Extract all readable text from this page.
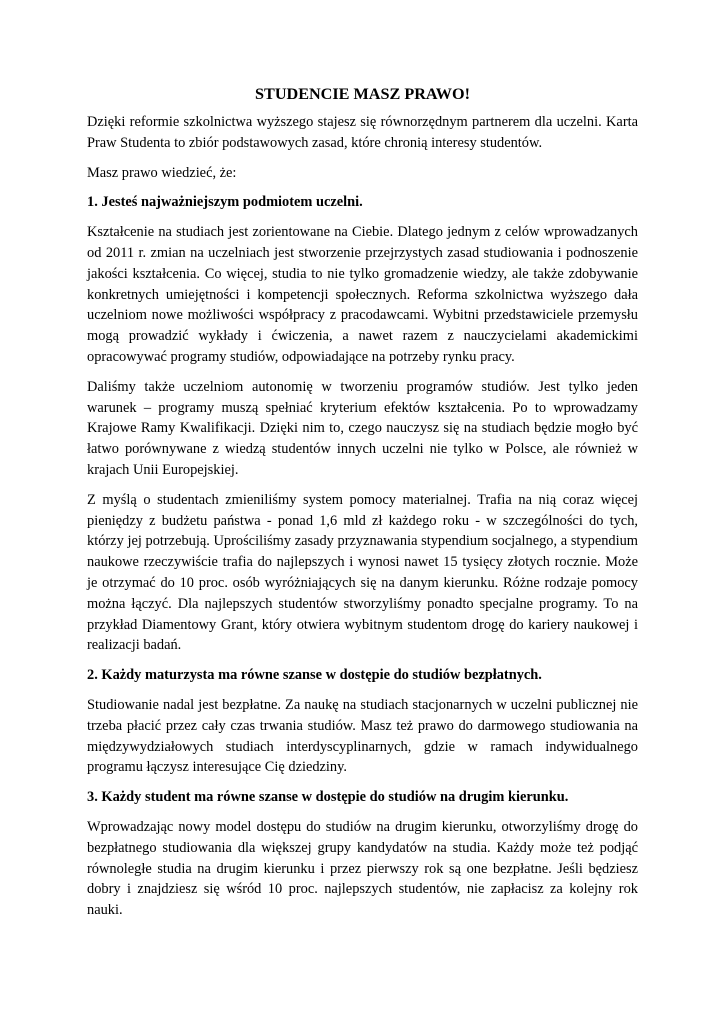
STUDENCIE MASZ PRAWO!

Dzięki reformie szkolnictwa wyższego stajesz się równorzędnym partnerem dla uczelni. Karta Praw Studenta to zbiór podstawowych zasad, które chronią interesy studentów.

Masz prawo wiedzieć, że:

1. Jesteś najważniejszym podmiotem uczelni.

Kształcenie na studiach jest zorientowane na Ciebie. Dlatego jednym z celów wprowadzanych od 2011 r. zmian na uczelniach jest stworzenie przejrzystych zasad studiowania i podnoszenie jakości kształcenia. Co więcej, studia to nie tylko gromadzenie wiedzy, ale także zdobywanie konkretnych umiejętności i kompetencji społecznych. Reforma szkolnictwa wyższego dała uczelniom nowe możliwości współpracy z pracodawcami. Wybitni przedstawiciele przemysłu mogą prowadzić wykłady i ćwiczenia, a nawet razem z nauczycielami akademickimi opracowywać programy studiów, odpowiadające na potrzeby rynku pracy.

Daliśmy także uczelniom autonomię w tworzeniu programów studiów. Jest tylko jeden warunek – programy muszą spełniać kryterium efektów kształcenia. Po to wprowadzamy Krajowe Ramy Kwalifikacji. Dzięki nim to, czego nauczysz się na studiach będzie mogło być łatwo porównywane z wiedzą studentów innych uczelni nie tylko w Polsce, ale również w krajach Unii Europejskiej.

Z myślą o studentach zmieniliśmy system pomocy materialnej. Trafia na nią coraz więcej pieniędzy z budżetu państwa - ponad 1,6 mld zł każdego roku - w szczególności do tych, którzy jej potrzebują. Uprościliśmy zasady przyznawania stypendium socjalnego, a stypendium naukowe rzeczywiście trafia do najlepszych i wynosi nawet 15 tysięcy złotych rocznie. Może je otrzymać do 10 proc. osób wyróżniających się na danym kierunku. Różne rodzaje pomocy można łączyć. Dla najlepszych studentów stworzyliśmy ponadto specjalne programy. To na przykład Diamentowy Grant, który otwiera wybitnym studentom drogę do kariery naukowej i realizacji badań.

2. Każdy maturzysta ma równe szanse w dostępie do studiów bezpłatnych.

Studiowanie nadal jest bezpłatne. Za naukę na studiach stacjonarnych w uczelni publicznej nie trzeba płacić przez cały czas trwania studiów. Masz też prawo do darmowego studiowania na międzywydziałowych studiach interdyscyplinarnych, gdzie w ramach indywidualnego programu łączysz interesujące Cię dziedziny.

3. Każdy student ma równe szanse w dostępie do studiów na drugim kierunku.

Wprowadzając nowy model dostępu do studiów na drugim kierunku, otworzyliśmy drogę do bezpłatnego studiowania dla większej grupy kandydatów na studia. Każdy może też podjąć równoległe studia na drugim kierunku i przez pierwszy rok są one bezpłatne. Jeśli będziesz dobry i znajdziesz się wśród 10 proc. najlepszych studentów, nie zapłacisz za kolejny rok nauki.
